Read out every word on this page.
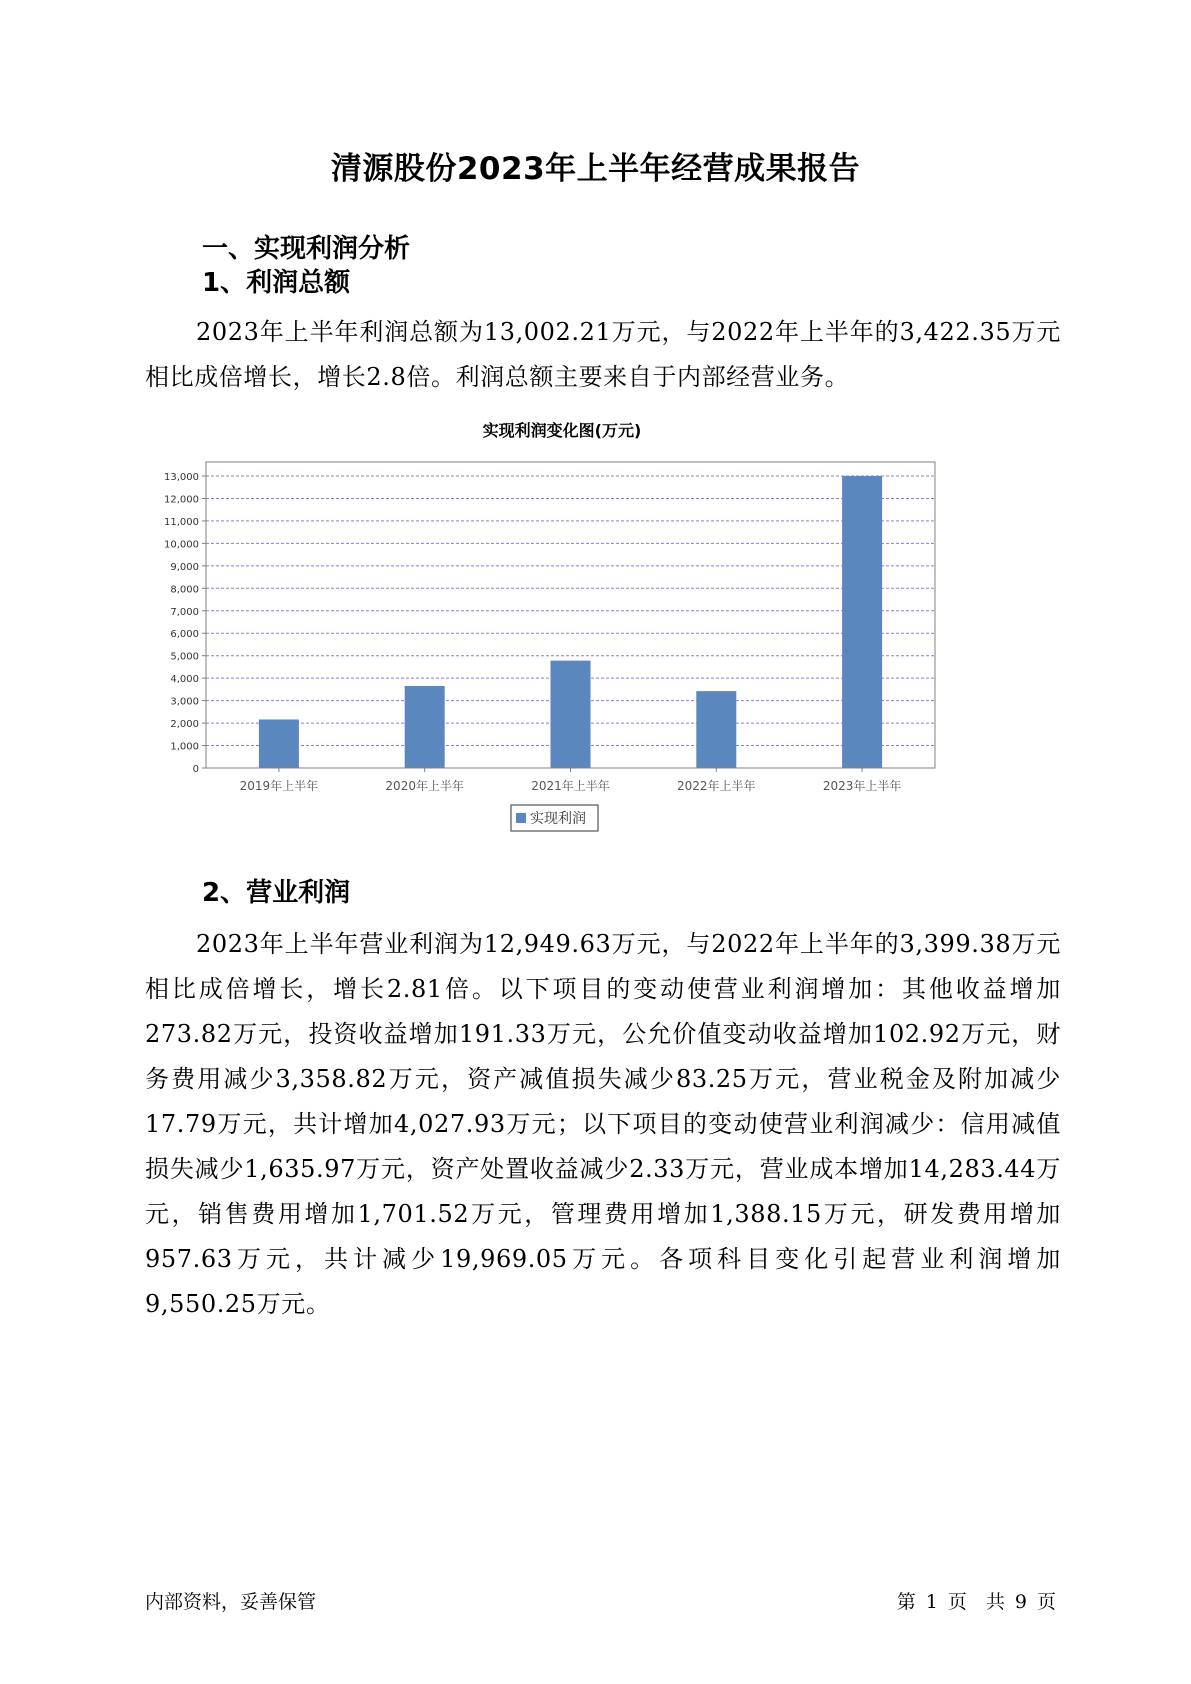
清源股份2023年上半年经营成果报告
一、实现利润分析
1、利润总额
2023年上半年利润总额为13,002.21万元，与2022年上半年的3,422.35万元相比成倍增长，增长2.8倍。利润总额主要来自于内部经营业务。
实现利润变化图(万元)
0
1,000
2,000
3,000
4,000
5,000
6,000
7,000
8,000
9,000
10,000
11,000
12,000
13,000
2019年上半年	2020年上半年	2021年上半年	2022年上半年	2023年上半年
实现利润
2、营业利润
2023年上半年营业利润为12,949.63万元，与2022年上半年的3,399.38万元相比成倍增长，增长2.81倍。以下项目的变动使营业利润增加：其他收益增加273.82万元，投资收益增加191.33万元，公允价值变动收益增加102.92万元，财务费用减少3,358.82万元，资产减值损失减少83.25万元，营业税金及附加减少17.79万元，共计增加4,027.93万元；以下项目的变动使营业利润减少：信用减值损失减少1,635.97万元，资产处置收益减少2.33万元，营业成本增加14,283.44万元，销售费用增加1,701.52万元，管理费用增加1,388.15万元，研发费用增加957.63万元，共计减少19,969.05万元。各项科目变化引起营业利润增加9,550.25万元。
内部资料，妥善保管	第 1 页　共 9 页
